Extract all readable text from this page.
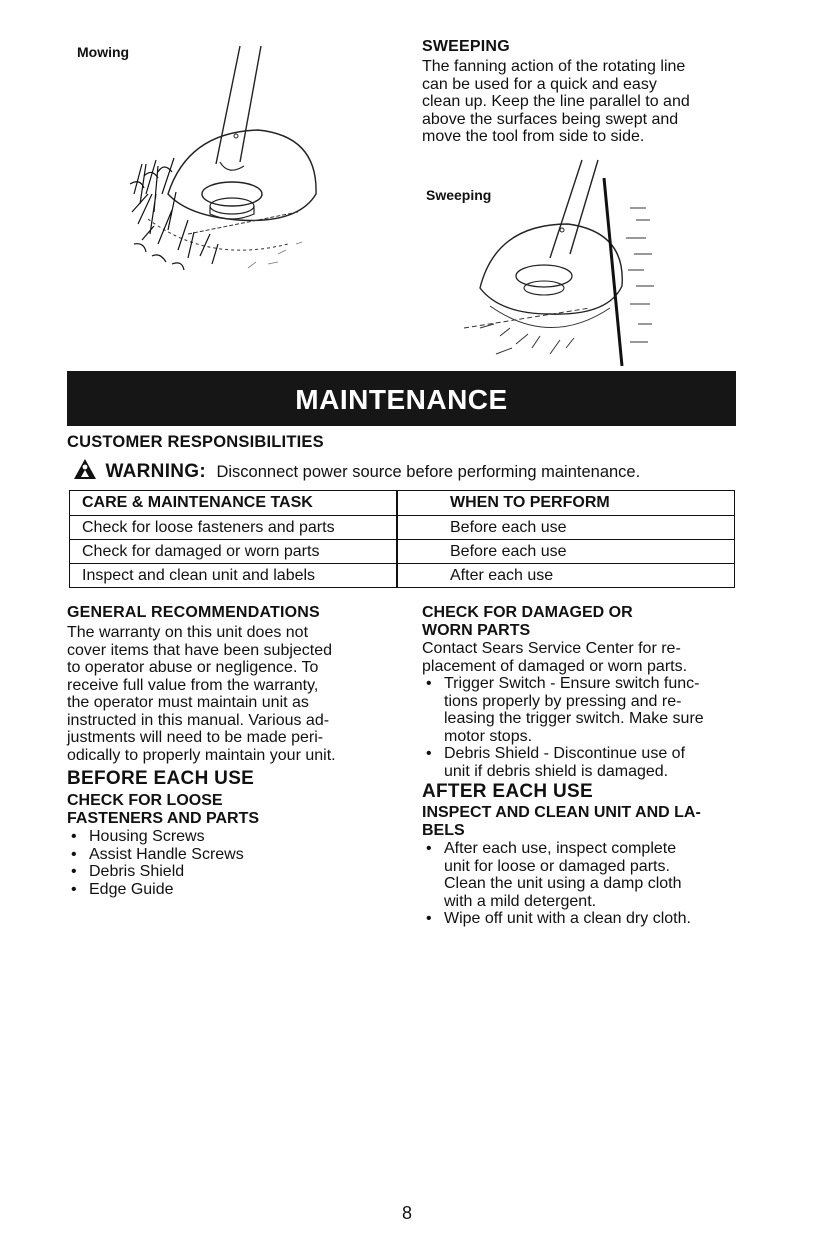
Mowing	SWEEPING
The fanning action of the rotating line
can be used for a quick and easy
clean up. Keep the line parallel to and
above the surfaces being swept and
move the tool from side to side.
Sweeping
MAINTENANCE
CUSTOMER RESPONSIBILITIES
WARNING: Disconnect power source before performing maintenance.
CARE & MAINTENANCE TASK	WHEN TO PERFORM
Check for loose fasteners and parts	Before each use
Check for damaged or worn parts	Before each use
Inspect and clean unit and labels	After each use
GENERAL RECOMMENDATIONS
The warranty on this unit does not
cover items that have been subjected
to operator abuse or negligence. To
receive full value from the warranty,
the operator must maintain unit as
instructed in this manual. Various ad-
justments will need to be made peri-
odically to properly maintain your unit.
BEFORE EACH USE
CHECK FOR LOOSE
FASTENERS AND PARTS
• Housing Screws
• Assist Handle Screws
• Debris Shield
• Edge Guide
CHECK FOR DAMAGED OR
WORN PARTS
Contact Sears Service Center for re-
placement of damaged or worn parts.
• Trigger Switch - Ensure switch func-
tions properly by pressing and re-
leasing the trigger switch. Make sure
motor stops.
• Debris Shield - Discontinue use of
unit if debris shield is damaged.
AFTER EACH USE
INSPECT AND CLEAN UNIT AND LA-
BELS
• After each use, inspect complete
unit for loose or damaged parts.
Clean the unit using a damp cloth
with a mild detergent.
• Wipe off unit with a clean dry cloth.
8
